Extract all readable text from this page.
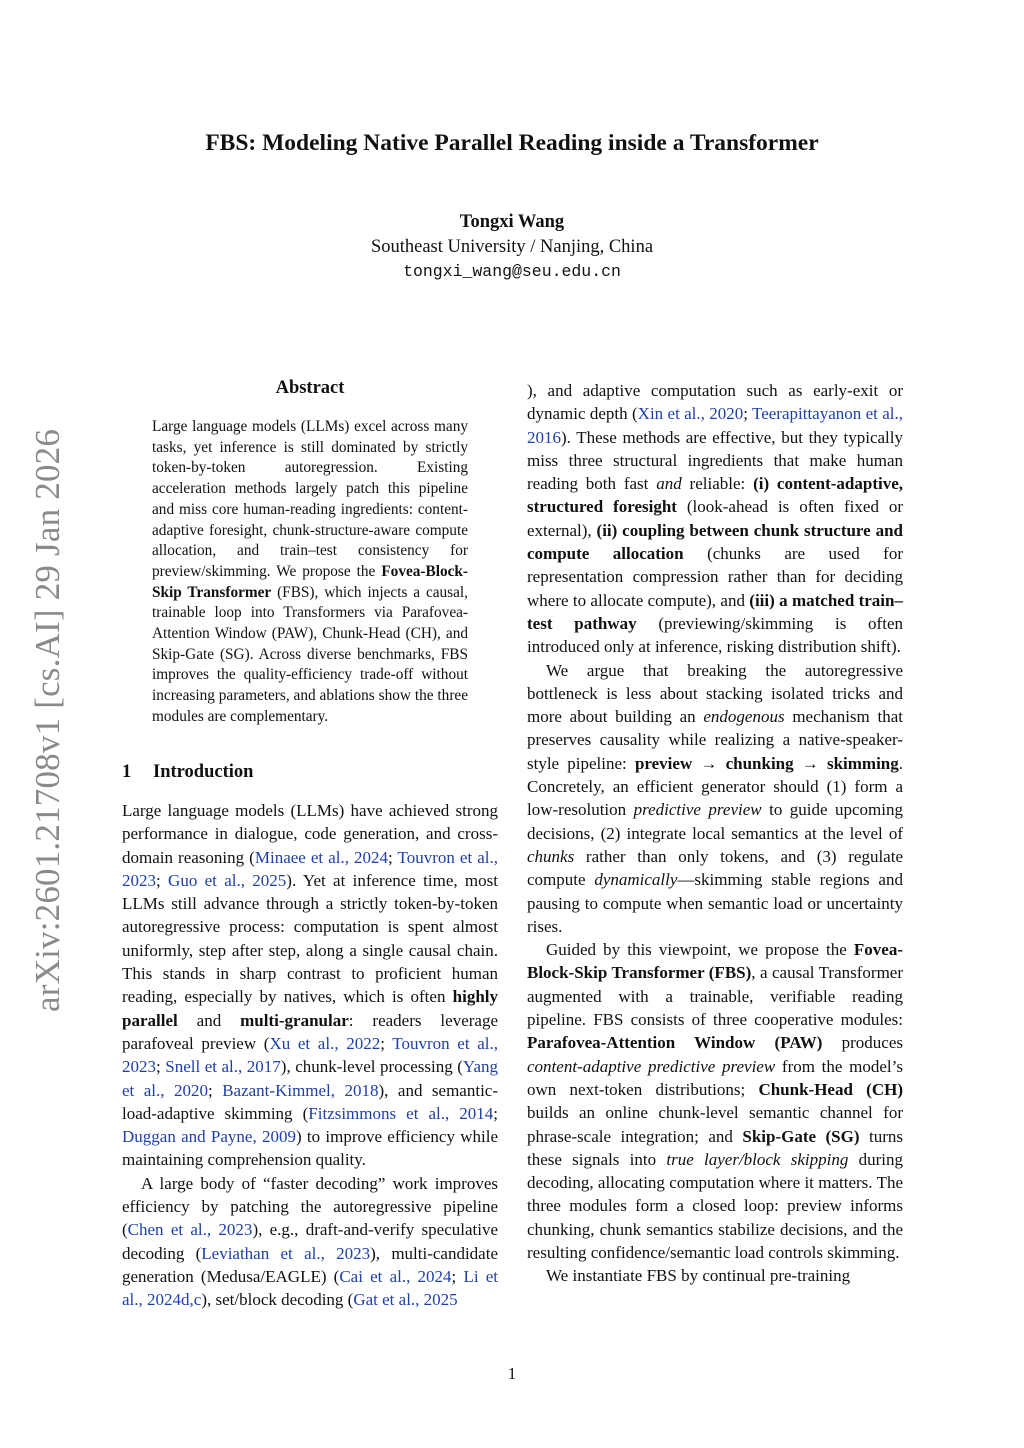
FBS: Modeling Native Parallel Reading inside a Transformer
Tongxi Wang
Southeast University / Nanjing, China
tongxi_wang@seu.edu.cn
arXiv:2601.21708v1 [cs.AI] 29 Jan 2026
Abstract
Large language models (LLMs) excel across many tasks, yet inference is still dominated by strictly token-by-token autoregression. Existing acceleration methods largely patch this pipeline and miss core human-reading ingredients: content-adaptive foresight, chunk-structure-aware compute allocation, and train–test consistency for preview/skimming. We propose the Fovea-Block-Skip Transformer (FBS), which injects a causal, trainable loop into Transformers via Parafovea-Attention Window (PAW), Chunk-Head (CH), and Skip-Gate (SG). Across diverse benchmarks, FBS improves the quality-efficiency trade-off without increasing parameters, and ablations show the three modules are complementary.
1 Introduction

Large language models (LLMs) have achieved strong performance in dialogue, code generation, and cross-domain reasoning (Minaee et al., 2024; Touvron et al., 2023; Guo et al., 2025). Yet at inference time, most LLMs still advance through a strictly token-by-token autoregressive process: computation is spent almost uniformly, step after step, along a single causal chain. This stands in sharp contrast to proficient human reading, especially by natives, which is often highly parallel and multi-granular: readers leverage parafoveal preview (Xu et al., 2022; Touvron et al., 2023; Snell et al., 2017), chunk-level processing (Yang et al., 2020; Bazant-Kimmel, 2018), and semantic-load-adaptive skimming (Fitzsimmons et al., 2014; Duggan and Payne, 2009) to improve efficiency while maintaining comprehension quality.

A large body of “faster decoding” work improves efficiency by patching the autoregressive pipeline (Chen et al., 2023), e.g., draft-and-verify speculative decoding (Leviathan et al., 2023), multi-candidate generation (Medusa/EAGLE) (Cai et al., 2024; Li et al., 2024d,c), set/block decoding (Gat et al., 2025

), and adaptive computation such as early-exit or dynamic depth (Xin et al., 2020; Teerapittayanon et al., 2016). These methods are effective, but they typically miss three structural ingredients that make human reading both fast and reliable: (i) content-adaptive, structured foresight (look-ahead is often fixed or external), (ii) coupling between chunk structure and compute allocation (chunks are used for representation compression rather than for deciding where to allocate compute), and (iii) a matched train–test pathway (previewing/skimming is often introduced only at inference, risking distribution shift).

We argue that breaking the autoregressive bottleneck is less about stacking isolated tricks and more about building an endogenous mechanism that preserves causality while realizing a native-speaker-style pipeline: preview → chunking → skimming. Concretely, an efficient generator should (1) form a low-resolution predictive preview to guide upcoming decisions, (2) integrate local semantics at the level of chunks rather than only tokens, and (3) regulate compute dynamically—skimming stable regions and pausing to compute when semantic load or uncertainty rises.

Guided by this viewpoint, we propose the Fovea-Block-Skip Transformer (FBS), a causal Transformer augmented with a trainable, verifiable reading pipeline. FBS consists of three cooperative modules: Parafovea-Attention Window (PAW) produces content-adaptive predictive preview from the model’s own next-token distributions; Chunk-Head (CH) builds an online chunk-level semantic channel for phrase-scale integration; and Skip-Gate (SG) turns these signals into true layer/block skipping during decoding, allocating computation where it matters. The three modules form a closed loop: preview informs chunking, chunk semantics stabilize decisions, and the resulting confidence/semantic load controls skimming.

We instantiate FBS by continual pre-training

1
